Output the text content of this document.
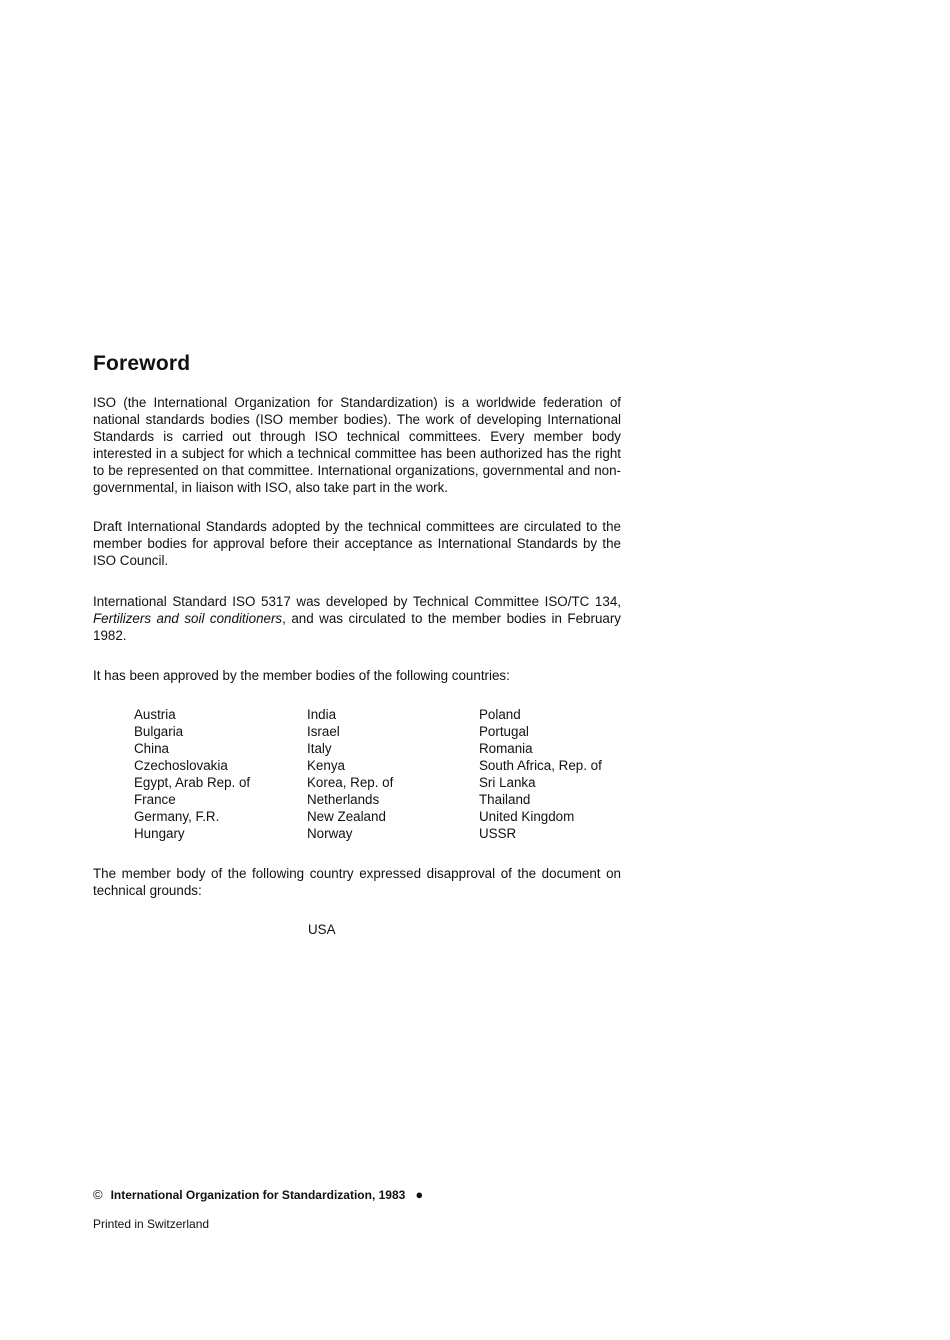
Foreword

ISO (the International Organization for Standardization) is a worldwide federation of national standards bodies (ISO member bodies). The work of developing International Standards is carried out through ISO technical committees. Every member body interested in a subject for which a technical committee has been authorized has the right to be represented on that committee. International organizations, governmental and non-governmental, in liaison with ISO, also take part in the work.

Draft International Standards adopted by the technical committees are circulated to the member bodies for approval before their acceptance as International Standards by the ISO Council.

International Standard ISO 5317 was developed by Technical Committee ISO/TC 134, Fertilizers and soil conditioners, and was circulated to the member bodies in February 1982.

It has been approved by the member bodies of the following countries:

Austria
Bulgaria
China
Czechoslovakia
Egypt, Arab Rep. of
France
Germany, F.R.
Hungary
India
Israel
Italy
Kenya
Korea, Rep. of
Netherlands
New Zealand
Norway
Poland
Portugal
Romania
South Africa, Rep. of
Sri Lanka
Thailand
United Kingdom
USSR

The member body of the following country expressed disapproval of the document on technical grounds:

USA

© International Organization for Standardization, 1983 ●

Printed in Switzerland
